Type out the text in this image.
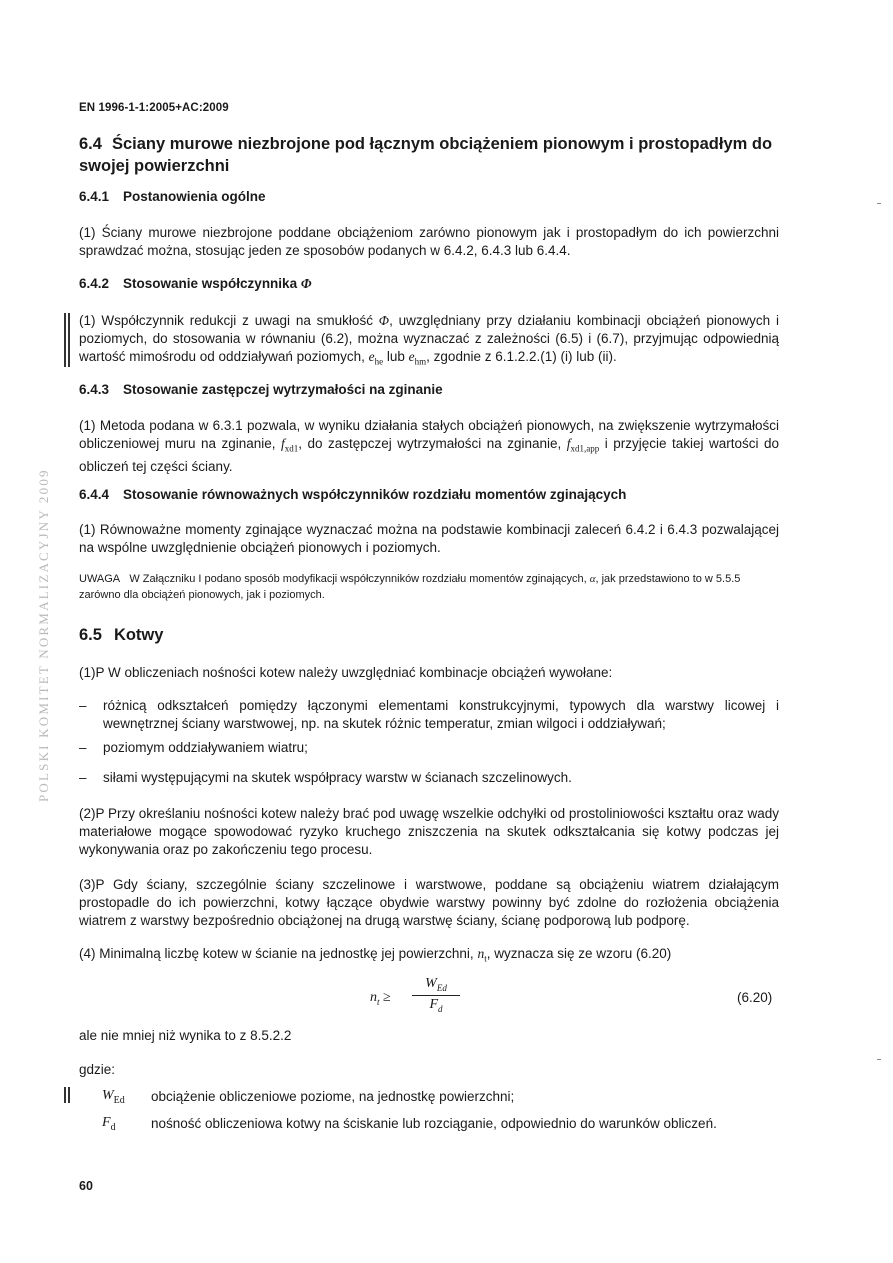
EN 1996-1-1:2005+AC:2009
6.4 Ściany murowe niezbrojone pod łącznym obciążeniem pionowym i prostopadłym do swojej powierzchni
6.4.1 Postanowienia ogólne
(1) Ściany murowe niezbrojone poddane obciążeniom zarówno pionowym jak i prostopadłym do ich powierzchni sprawdzać można, stosując jeden ze sposobów podanych w 6.4.2, 6.4.3 lub 6.4.4.
6.4.2 Stosowanie współczynnika Φ
(1) Współczynnik redukcji z uwagi na smukłość Φ, uwzględniany przy działaniu kombinacji obciążeń pionowych i poziomych, do stosowania w równaniu (6.2), można wyznaczać z zależności (6.5) i (6.7), przyjmując odpowiednią wartość mimośrodu od oddziaływań poziomych, $e_{he}$ lub $e_{hm}$, zgodnie z 6.1.2.2.(1) (i) lub (ii).
6.4.3 Stosowanie zastępczej wytrzymałości na zginanie
(1) Metoda podana w 6.3.1 pozwala, w wyniku działania stałych obciążeń pionowych, na zwiększenie wytrzymałości obliczeniowej muru na zginanie, $f_{xd1}$, do zastępczej wytrzymałości na zginanie, $f_{xd1,app}$ i przyjęcie takiej wartości do obliczeń tej części ściany.
6.4.4 Stosowanie równoważnych współczynników rozdziału momentów zginających
(1) Równoważne momenty zginające wyznaczać można na podstawie kombinacji zaleceń 6.4.2 i 6.4.3 pozwalającej na wspólne uwzględnienie obciążeń pionowych i poziomych.
UWAGA W Załączniku I podano sposób modyfikacji współczynników rozdziału momentów zginających, α, jak przedstawiono to w 5.5.5 zarówno dla obciążeń pionowych, jak i poziomych.
6.5 Kotwy
(1)P W obliczeniach nośności kotew należy uwzględniać kombinacje obciążeń wywołane:
– różnicą odkształceń pomiędzy łączonymi elementami konstrukcyjnymi, typowych dla warstwy licowej i wewnętrznej ściany warstwowej, np. na skutek różnic temperatur, zmian wilgoci i oddziaływań;
– poziomym oddziaływaniem wiatru;
– siłami występującymi na skutek współpracy warstw w ścianach szczelinowych.
(2)P Przy określaniu nośności kotew należy brać pod uwagę wszelkie odchyłki od prostoliniowości kształtu oraz wady materiałowe mogące spowodować ryzyko kruchego zniszczenia na skutek odkształcania się kotwy podczas jej wykonywania oraz po zakończeniu tego procesu.
(3)P Gdy ściany, szczególnie ściany szczelinowe i warstwowe, poddane są obciążeniu wiatrem działającym prostopadle do ich powierzchni, kotwy łączące obydwie warstwy powinny być zdolne do rozłożenia obciążenia wiatrem z warstwy bezpośrednio obciążonej na drugą warstwę ściany, ścianę podporową lub podporę.
(4) Minimalną liczbę kotew w ścianie na jednostkę jej powierzchni, $n_t$, wyznacza się ze wzoru (6.20)
$n_t$ ≥
$W_{Ed}$
$F_d$
(6.20)
ale nie mniej niż wynika to z 8.5.2.2
gdzie:
$W_{Ed}$ obciążenie obliczeniowe poziome, na jednostkę powierzchni;
$F_d$	nośność obliczeniowa kotwy na ściskanie lub rozciąganie, odpowiednio do warunków obliczeń.
60
POLSKI KOMITET NORMALIZACYJNY 2009
